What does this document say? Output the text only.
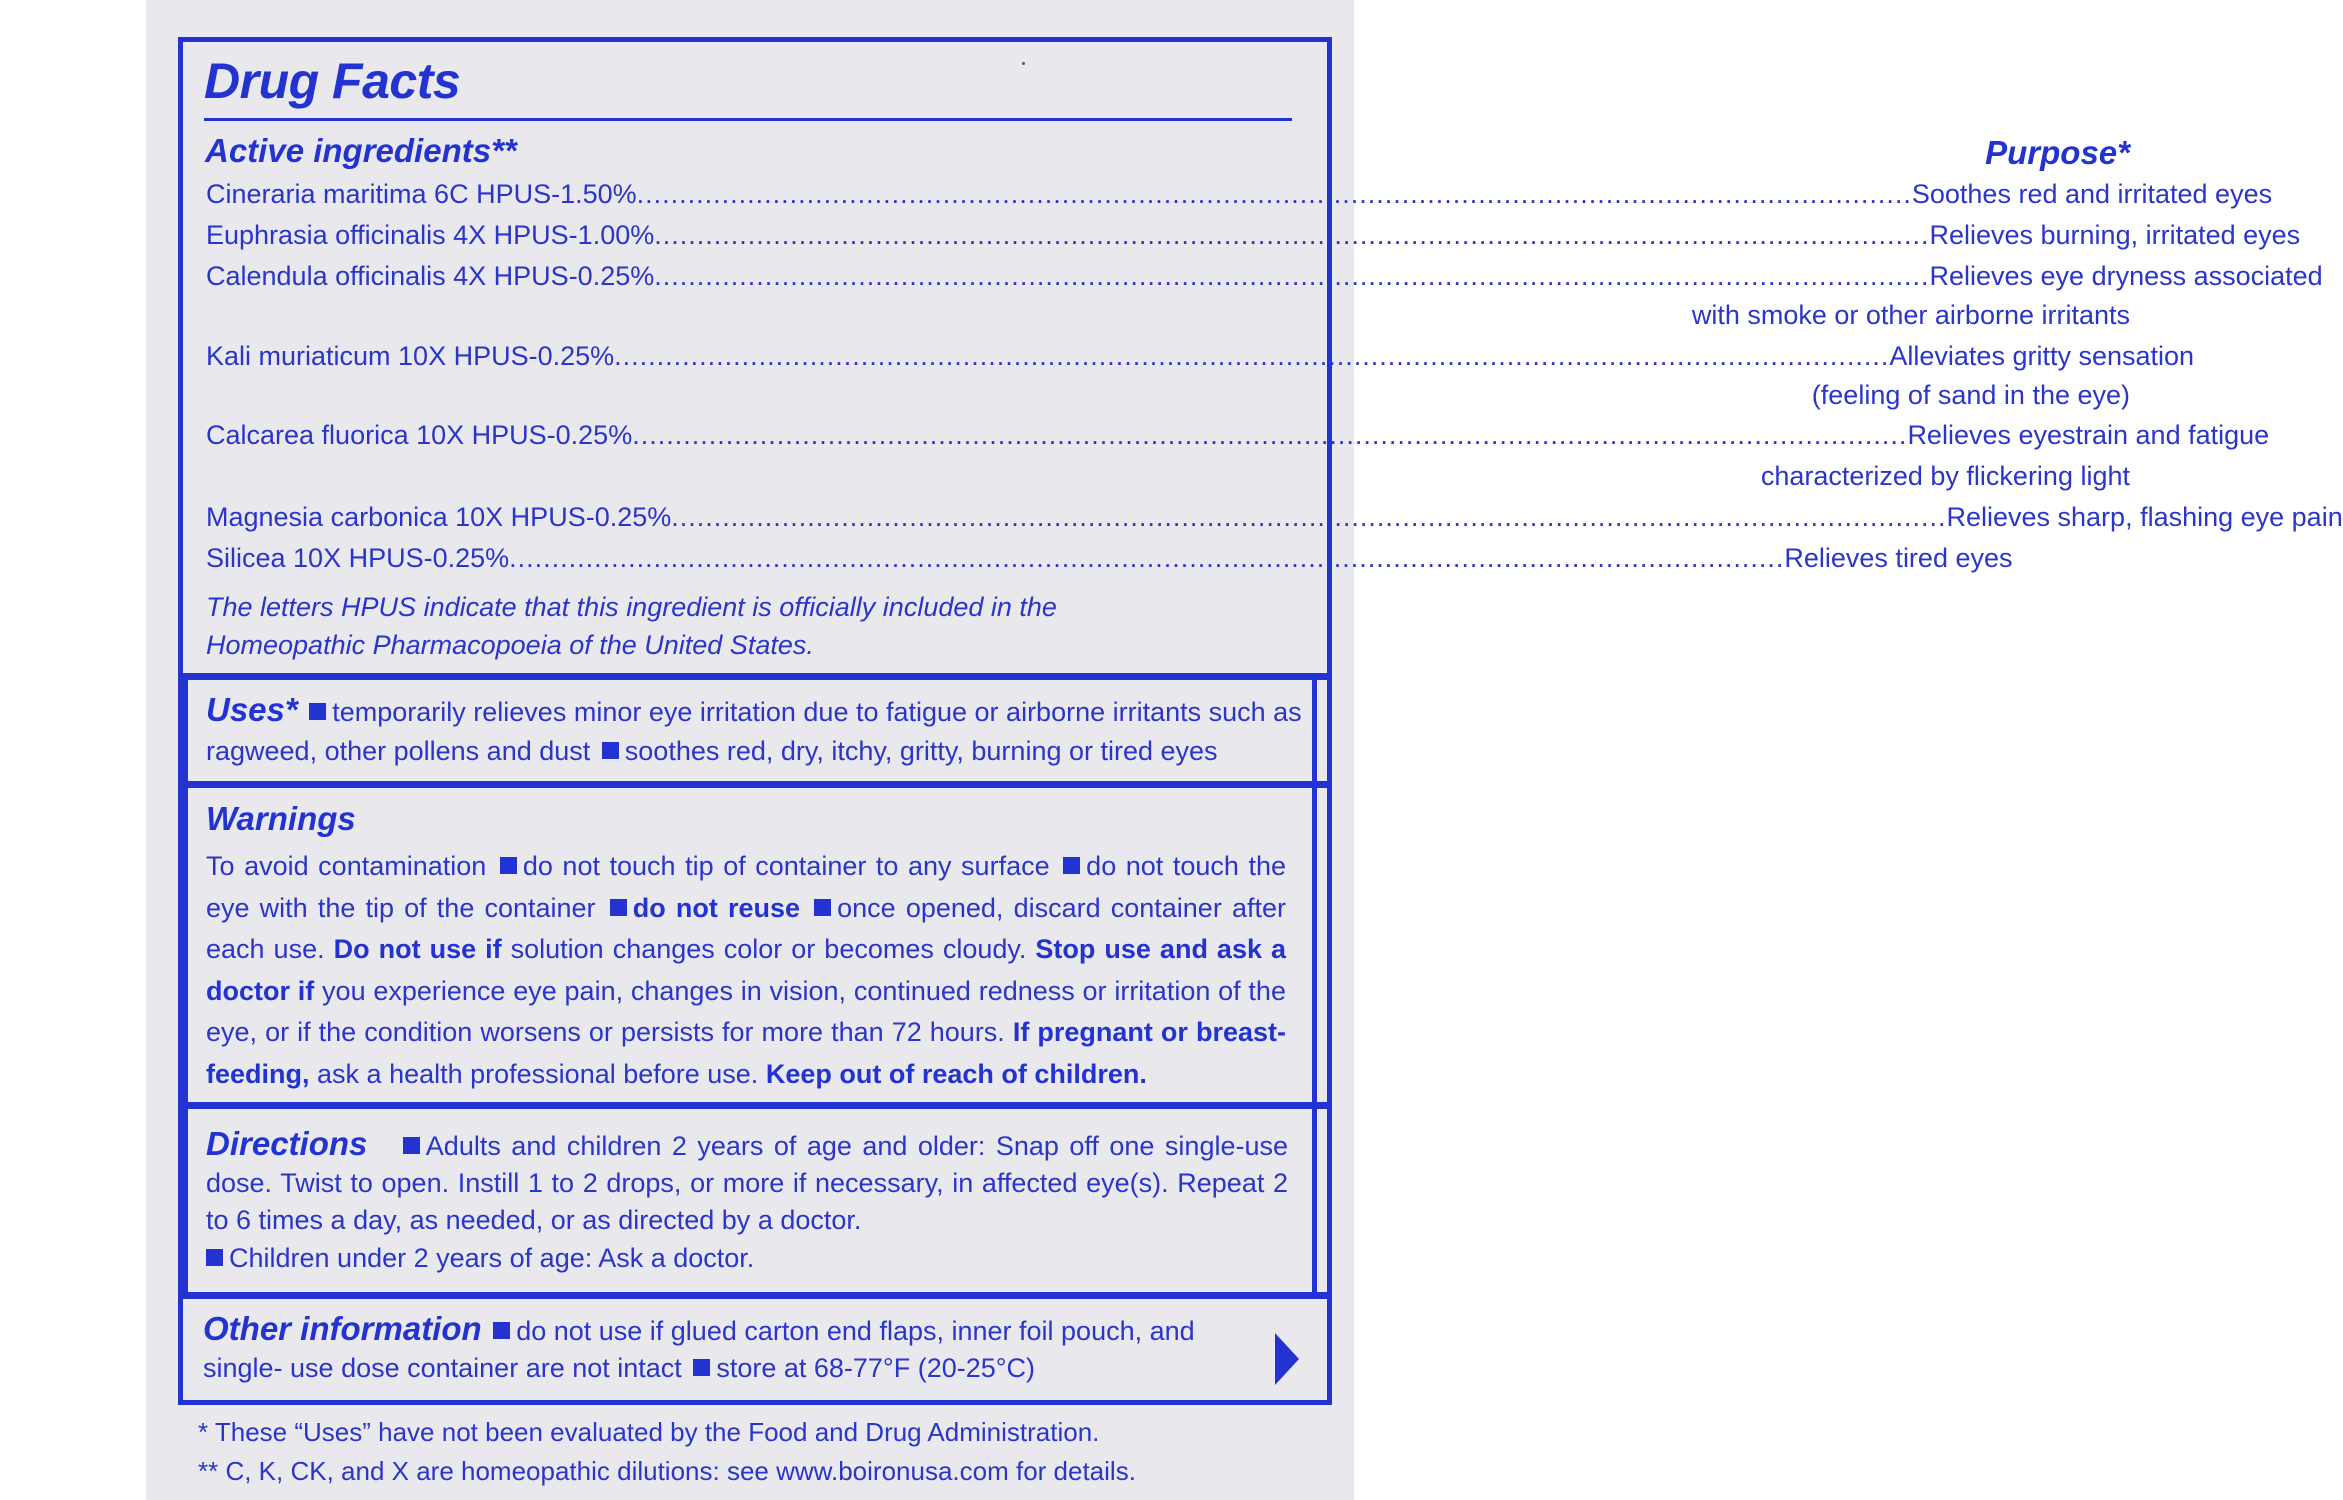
Drug Facts
Active ingredients**	Purpose*
Cineraria maritima 6C HPUS-1.50% ...................................................................................................................................................... Soothes red and irritated eyes
Euphrasia officinalis 4X HPUS-1.00% ...................................................................................................................................................... Relieves burning, irritated eyes
Calendula officinalis 4X HPUS-0.25% ...................................................................................................................................................... Relieves eye dryness associated
with smoke or other airborne irritants
Kali muriaticum 10X HPUS-0.25% ...................................................................................................................................................... Alleviates gritty sensation
(feeling of sand in the eye)
Calcarea fluorica 10X HPUS-0.25% ...................................................................................................................................................... Relieves eyestrain and fatigue
characterized by flickering light
Magnesia carbonica 10X HPUS-0.25% ...................................................................................................................................................... Relieves sharp, flashing eye pain
Silicea 10X HPUS-0.25% ...................................................................................................................................................... Relieves tired eyes
The letters HPUS indicate that this ingredient is officially included in the
Homeopathic Pharmacopoeia of the United States.
Uses* temporarily relieves minor eye irritation due to fatigue or airborne irritants such as ragweed, other pollens and dust soothes red, dry, itchy, gritty, burning or tired eyes
Warnings
To avoid contamination do not touch tip of container to any surface do not touch the eye with the tip of the container do not reuse once opened, discard container after each use. Do not use if solution changes color or becomes cloudy. Stop use and ask a doctor if you experience eye pain, changes in vision, continued redness or irritation of the eye, or if the condition worsens or persists for more than 72 hours. If pregnant or breast-feeding, ask a health professional before use. Keep out of reach of children.
Directions Adults and children 2 years of age and older: Snap off one single-use dose. Twist to open. Instill 1 to 2 drops, or more if necessary, in affected eye(s). Repeat 2 to 6 times a day, as needed, or as directed by a doctor.
Children under 2 years of age: Ask a doctor.
Other information do not use if glued carton end flaps, inner foil pouch, and single- use dose container are not intact store at 68-77°F (20-25°C)
* These “Uses” have not been evaluated by the Food and Drug Administration.
** C, K, CK, and X are homeopathic dilutions: see www.boironusa.com for details.
